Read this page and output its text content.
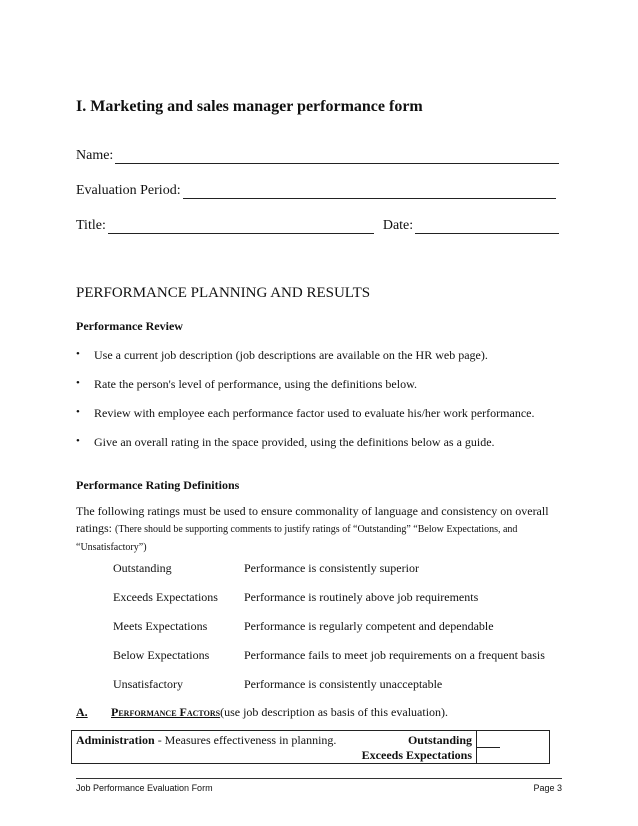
I. Marketing and sales manager performance form
Name:
Evaluation Period:
Title:	Date:
PERFORMANCE PLANNING AND RESULTS
Performance Review
•	Use a current job description (job descriptions are available on the HR web page).
•	Rate the person's level of performance, using the definitions below.
•	Review with employee each performance factor used to evaluate his/her work performance.
•	Give an overall rating in the space provided, using the definitions below as a guide.
Performance Rating Definitions
The following ratings must be used to ensure commonality of language and consistency on overall ratings: (There should be supporting comments to justify ratings of “Outstanding” “Below Expectations, and “Unsatisfactory”)
Outstanding	Performance is consistently superior
Exceeds Expectations Performance is routinely above job requirements
Meets Expectations	Performance is regularly competent and dependable
Below Expectations	Performance fails to meet job requirements on a frequent basis
Unsatisfactory	Performance is consistently unacceptable
A. Performance Factors(use job description as basis of this evaluation).
Administration - Measures effectiveness in planning.	Outstanding
Exceeds Expectations
Job Performance Evaluation Form	Page 3
